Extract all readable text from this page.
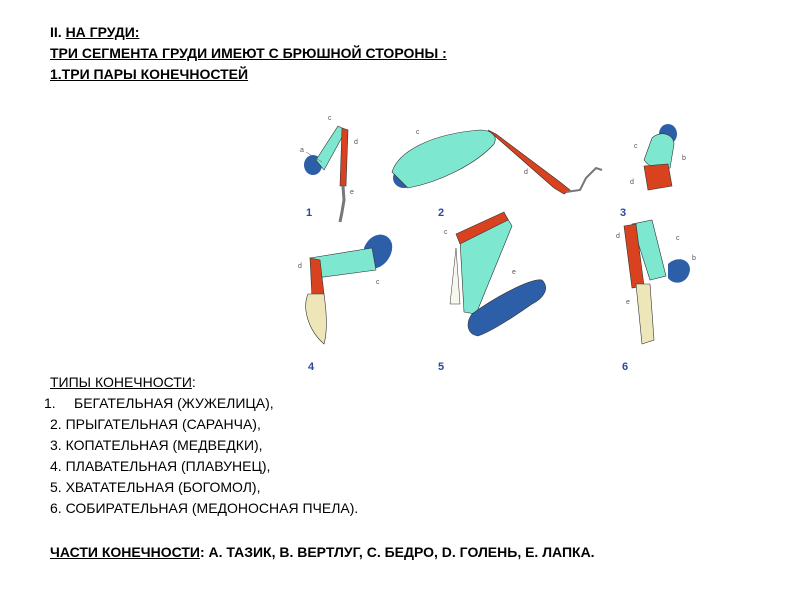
II. НА ГРУДИ:
ТРИ СЕГМЕНТА ГРУДИ ИМЕЮТ С БРЮШНОЙ СТОРОНЫ :
1.ТРИ ПАРЫ КОНЕЧНОСТЕЙ
a
c
d
e
1
c
d
2
c
b
d
3
d
c
4
c
e
5
d	c
b
e
6
ТИПЫ КОНЕЧНОСТИ:
1. БЕГАТЕЛЬНАЯ (ЖУЖЕЛИЦА),
2. ПРЫГАТЕЛЬНАЯ (САРАНЧА),
3. КОПАТЕЛЬНАЯ (МЕДВЕДКИ),
4. ПЛАВАТЕЛЬНАЯ (ПЛАВУНЕЦ),
5. ХВАТАТЕЛЬНАЯ (БОГОМОЛ),
6. СОБИРАТЕЛЬНАЯ (МЕДОНОСНАЯ ПЧЕЛА).
ЧАСТИ КОНЕЧНОСТИ: А. ТАЗИК, В. ВЕРТЛУГ, С. БЕДРО, D. ГОЛЕНЬ, Е. ЛАПКА.
